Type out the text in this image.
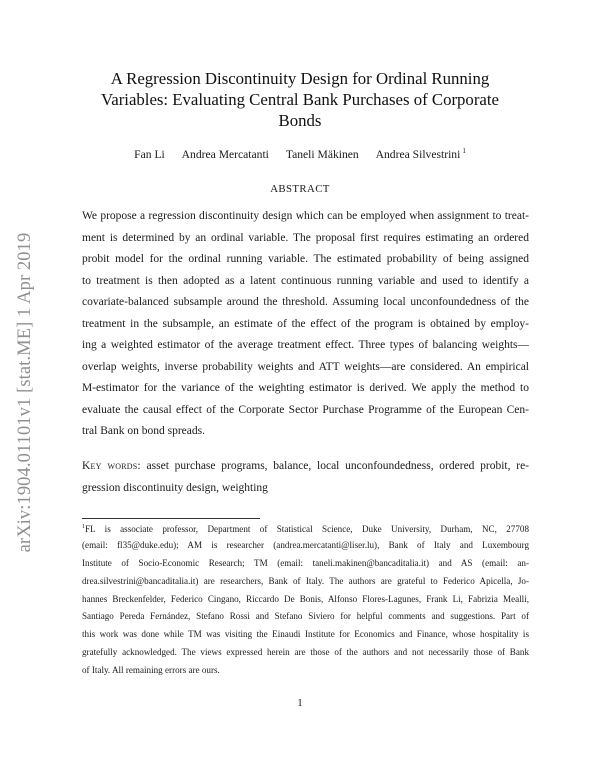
arXiv:1904.01101v1 [stat.ME] 1 Apr 2019
A Regression Discontinuity Design for Ordinal Running
Variables: Evaluating Central Bank Purchases of Corporate
Bonds
Fan Li Andrea Mercatanti Taneli Mäkinen Andrea Silvestrini $^1$
ABSTRACT
We propose a regression discontinuity design which can be employed when assignment to treat-
ment is determined by an ordinal variable. The proposal first requires estimating an ordered
probit model for the ordinal running variable. The estimated probability of being assigned
to treatment is then adopted as a latent continuous running variable and used to identify a
covariate-balanced subsample around the threshold. Assuming local unconfoundedness of the
treatment in the subsample, an estimate of the effect of the program is obtained by employ-
ing a weighted estimator of the average treatment effect. Three types of balancing weights—
overlap weights, inverse probability weights and ATT weights—are considered. An empirical
M-estimator for the variance of the weighting estimator is derived. We apply the method to
evaluate the causal effect of the Corporate Sector Purchase Programme of the European Cen-
tral Bank on bond spreads.
Key words: asset purchase programs, balance, local unconfoundedness, ordered probit, re-
gression discontinuity design, weighting
$^1$FL is associate professor, Department of Statistical Science, Duke University, Durham, NC, 27708
(email: fl35@duke.edu); AM is researcher (andrea.mercatanti@liser.lu), Bank of Italy and Luxembourg
Institute of Socio-Economic Research; TM (email: taneli.makinen@bancaditalia.it) and AS (email: an-
drea.silvestrini@bancaditalia.it) are researchers, Bank of Italy. The authors are grateful to Federico Apicella, Jo-
hannes Breckenfelder, Federico Cingano, Riccardo De Bonis, Alfonso Flores-Lagunes, Frank Li, Fabrizia Mealli,
Santiago Pereda Fernández, Stefano Rossi and Stefano Siviero for helpful comments and suggestions. Part of
this work was done while TM was visiting the Einaudi Institute for Economics and Finance, whose hospitality is
gratefully acknowledged. The views expressed herein are those of the authors and not necessarily those of Bank
of Italy. All remaining errors are ours.
1
